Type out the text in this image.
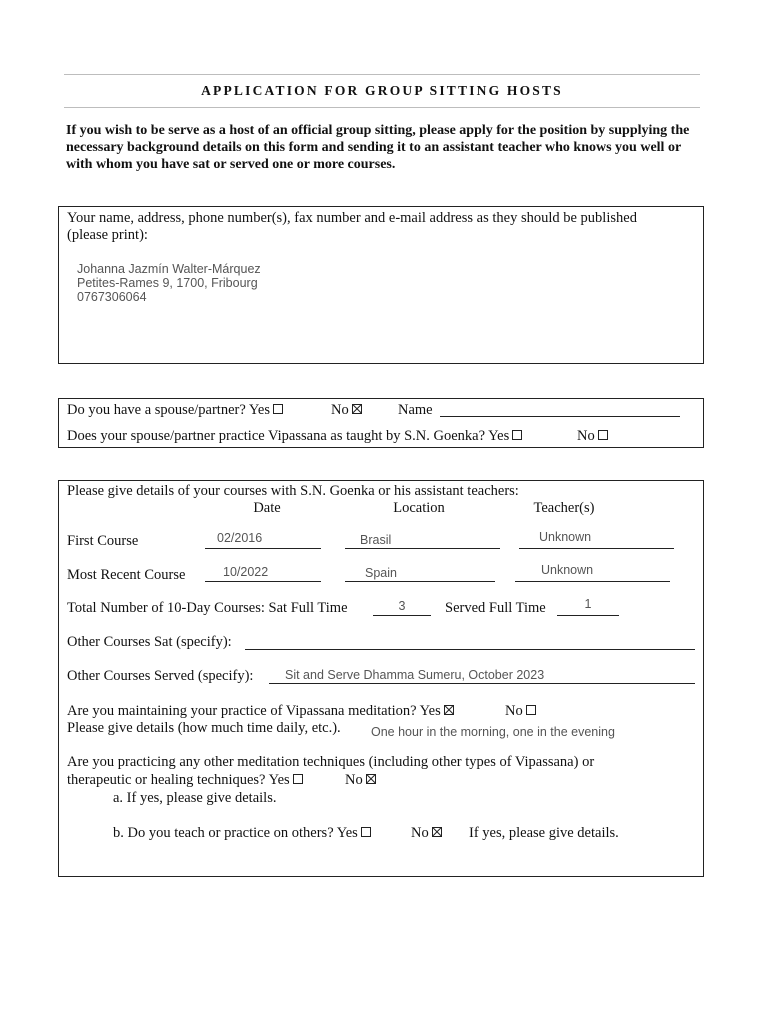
APPLICATION FOR GROUP SITTING HOSTS
If you wish to be serve as a host of an official group sitting, please apply for the position by supplying the necessary background details on this form and sending it to an assistant teacher who knows you well or with whom you have sat or served one or more courses.
Your name, address, phone number(s), fax number and e-mail address as they should be published
(please print):
Johanna Jazmín Walter-Márquez
Petites-Rames 9, 1700, Fribourg
0767306064
Do you have a spouse/partner? Yes	No	Name
Does your spouse/partner practice Vipassana as taught by S.N. Goenka? Yes	No
Please give details of your courses with S.N. Goenka or his assistant teachers:
Date	Location	Teacher(s)
First Course	02/2016	Brasil	Unknown
Most Recent Course	10/2022	Spain	Unknown
Total Number of 10-Day Courses: Sat Full Time	3	Served Full Time	1
Other Courses Sat (specify):
Other Courses Served (specify):	Sit and Serve Dhamma Sumeru, October 2023
Are you maintaining your practice of Vipassana meditation? Yes	No
Please give details (how much time daily, etc.). One hour in the morning, one in the evening
Are you practicing any other meditation techniques (including other types of Vipassana) or
therapeutic or healing techniques? Yes	No
a. If yes, please give details.
b. Do you teach or practice on others? Yes	No	If yes, please give details.
